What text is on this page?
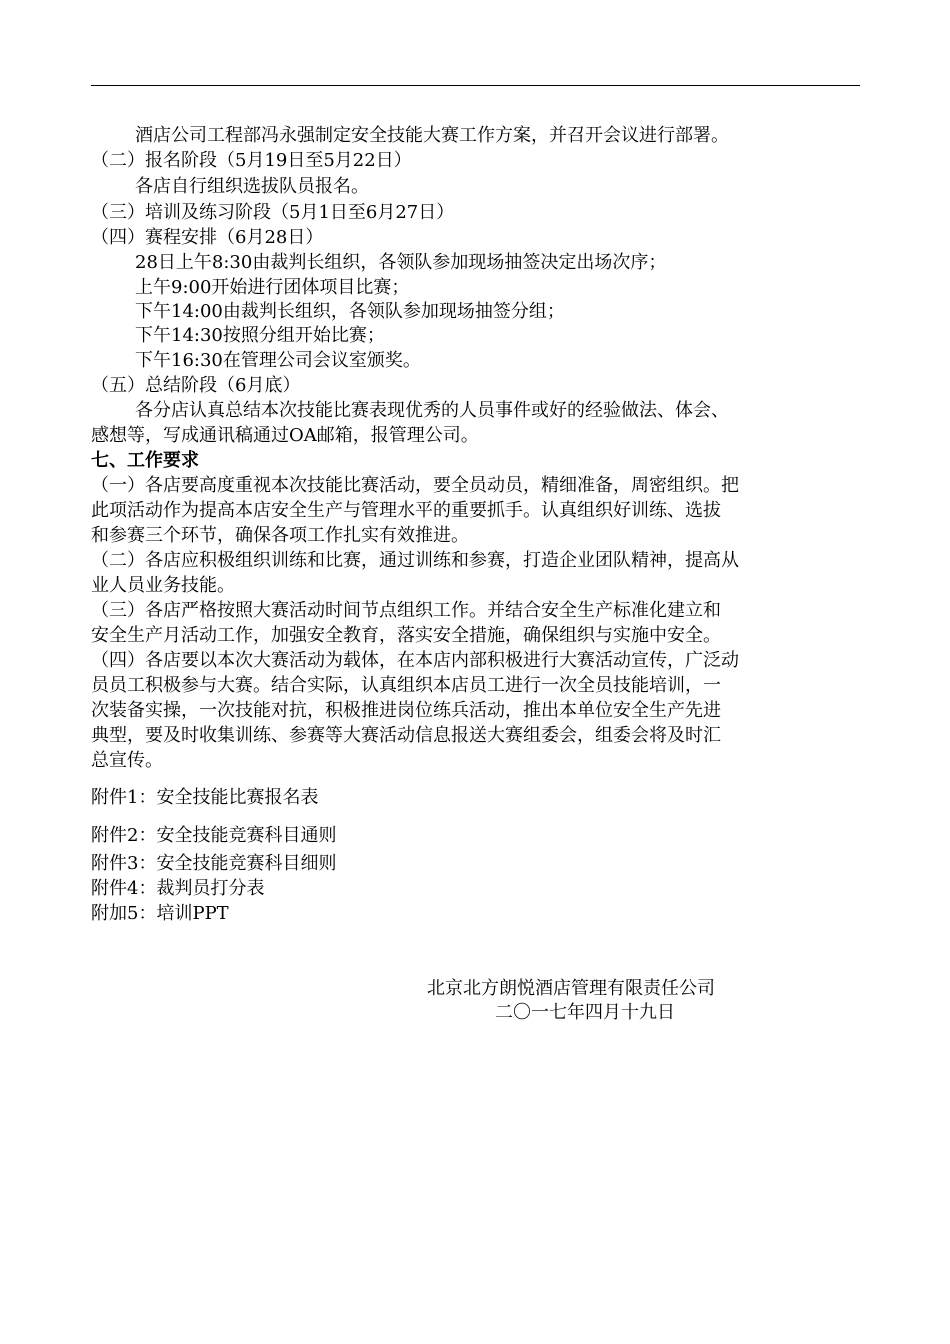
酒店公司工程部冯永强制定安全技能大赛工作方案，并召开会议进行部署。
（二）报名阶段（5月19日至5月22日）
各店自行组织选拔队员报名。
（三）培训及练习阶段（5月1日至6月27日）
（四）赛程安排（6月28日）
28日上午8:30由裁判长组织，各领队参加现场抽签决定出场次序；
上午9:00开始进行团体项目比赛；
下午14:00由裁判长组织，各领队参加现场抽签分组；
下午14:30按照分组开始比赛；
下午16:30在管理公司会议室颁奖。
（五）总结阶段（6月底）
各分店认真总结本次技能比赛表现优秀的人员事件或好的经验做法、体会、
感想等，写成通讯稿通过OA邮箱，报管理公司。
七、工作要求
（一）各店要高度重视本次技能比赛活动，要全员动员，精细准备，周密组织。把
此项活动作为提高本店安全生产与管理水平的重要抓手。认真组织好训练、选拔
和参赛三个环节，确保各项工作扎实有效推进。
（二）各店应积极组织训练和比赛，通过训练和参赛，打造企业团队精神，提高从
业人员业务技能。
（三）各店严格按照大赛活动时间节点组织工作。并结合安全生产标准化建立和
安全生产月活动工作，加强安全教育，落实安全措施，确保组织与实施中安全。
（四）各店要以本次大赛活动为载体，在本店内部积极进行大赛活动宣传，广泛动
员员工积极参与大赛。结合实际，认真组织本店员工进行一次全员技能培训，一
次装备实操，一次技能对抗，积极推进岗位练兵活动，推出本单位安全生产先进
典型，要及时收集训练、参赛等大赛活动信息报送大赛组委会，组委会将及时汇
总宣传。
附件1：安全技能比赛报名表
附件2：安全技能竞赛科目通则
附件3：安全技能竞赛科目细则
附件4：裁判员打分表
附加5：培训PPT
北京北方朗悦酒店管理有限责任公司
二〇一七年四月十九日
